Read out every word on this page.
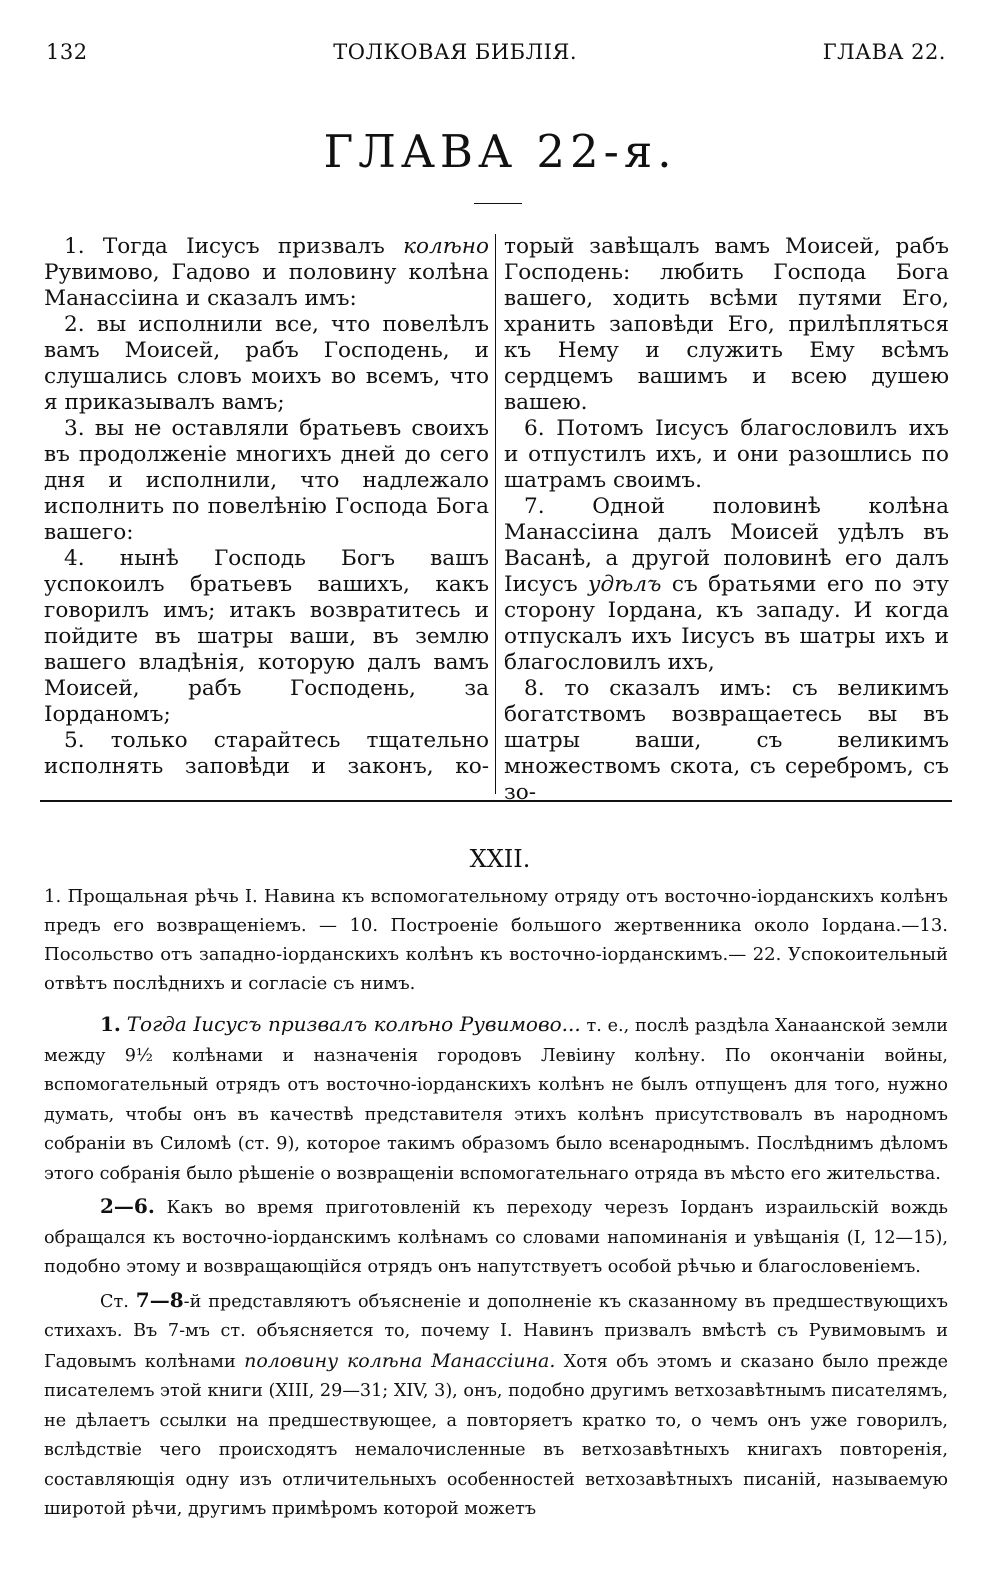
132	ТОЛКОВАЯ БИБЛІЯ.	ГЛАВА 22.
ГЛАВА 22-я.

1. Тогда Іисусъ призвалъ колѣно Рувимово, Гадово и половину колѣна Манассіина и сказалъ имъ:

2. вы исполнили все, что повелѣлъ вамъ Моисей, рабъ Господень, и слушались словъ моихъ во всемъ, что я приказывалъ вамъ;

3. вы не оставляли братьевъ своихъ въ продолженіе многихъ дней до сего дня и исполнили, что надлежало исполнить по повелѣнію Господа Бога вашего:

4. нынѣ Господь Богъ вашъ успокоилъ братьевъ вашихъ, какъ говорилъ имъ; итакъ возвратитесь и пойдите въ шатры ваши, въ землю вашего владѣнія, которую далъ вамъ Моисей, рабъ Господень, за Іорданомъ;

5. только старайтесь тщательно исполнять заповѣди и законъ, ко-

торый завѣщалъ вамъ Моисей, рабъ Господень: любить Господа Бога вашего, ходить всѣми путями Его, хранить заповѣди Его, прилѣпляться къ Нему и служить Ему всѣмъ сердцемъ вашимъ и всею душею вашею.

6. Потомъ Іисусъ благословилъ ихъ и отпустилъ ихъ, и они разошлись по шатрамъ своимъ.

7. Одной половинѣ колѣна Манассіина далъ Моисей удѣлъ въ Васанѣ, а другой половинѣ его далъ Іисусъ удѣлъ съ братьями его по эту сторону Іордана, къ западу. И когда отпускалъ ихъ Іисусъ въ шатры ихъ и благословилъ ихъ,

8. то сказалъ имъ: съ великимъ богатствомъ возвращаетесь вы въ шатры ваши, съ великимъ множествомъ скота, съ серебромъ, съ зо-

XXII.

1. Прощальная рѣчь І. Навина къ вспомогательному отряду отъ восточно-іорданскихъ колѣнъ предъ его возвращеніемъ. — 10. Построеніе большого жертвенника около Іордана.—13. Посольство отъ западно-іорданскихъ колѣнъ къ восточно-іорданскимъ.— 22. Успокоительный отвѣтъ послѣднихъ и согласіе съ нимъ.

1. Тогда Іисусъ призвалъ колѣно Рувимово... т. е., послѣ раздѣла Ханаанской земли между 9½ колѣнами и назначенія городовъ Левіину колѣну. По окончаніи войны, вспомогательный отрядъ отъ восточно-іорданскихъ колѣнъ не былъ отпущенъ для того, нужно думать, чтобы онъ въ качествѣ представителя этихъ колѣнъ присутствовалъ въ народномъ собраніи въ Силомѣ (ст. 9), которое такимъ образомъ было всенароднымъ. Послѣднимъ дѣломъ этого собранія было рѣшеніе о возвращеніи вспомогательнаго отряда въ мѣсто его жительства.

2—6. Какъ во время приготовленій къ переходу черезъ Іорданъ израильскій вождь обращался къ восточно-іорданскимъ колѣнамъ со словами напоминанія и увѣщанія (I, 12—15), подобно этому и возвращающійся отрядъ онъ напутствуетъ особой рѣчью и благословеніемъ.

Ст. 7—8-й представляютъ объясненіе и дополненіе къ сказанному въ предшествующихъ стихахъ. Въ 7-мъ ст. объясняется то, почему І. Навинъ призвалъ вмѣстѣ съ Рувимовымъ и Гадовымъ колѣнами половину колѣна Манассіина. Хотя объ этомъ и сказано было прежде писателемъ этой книги (XIII, 29—31; XIV, 3), онъ, подобно другимъ ветхозавѣтнымъ писателямъ, не дѣлаетъ ссылки на предшествующее, а повторяетъ кратко то, о чемъ онъ уже говорилъ, вслѣдствіе чего происходятъ немалочисленные въ ветхозавѣтныхъ книгахъ повторенія, составляющія одну изъ отличительныхъ особенностей ветхозавѣтныхъ писаній, называемую широтой рѣчи, другимъ примѣромъ которой можетъ
